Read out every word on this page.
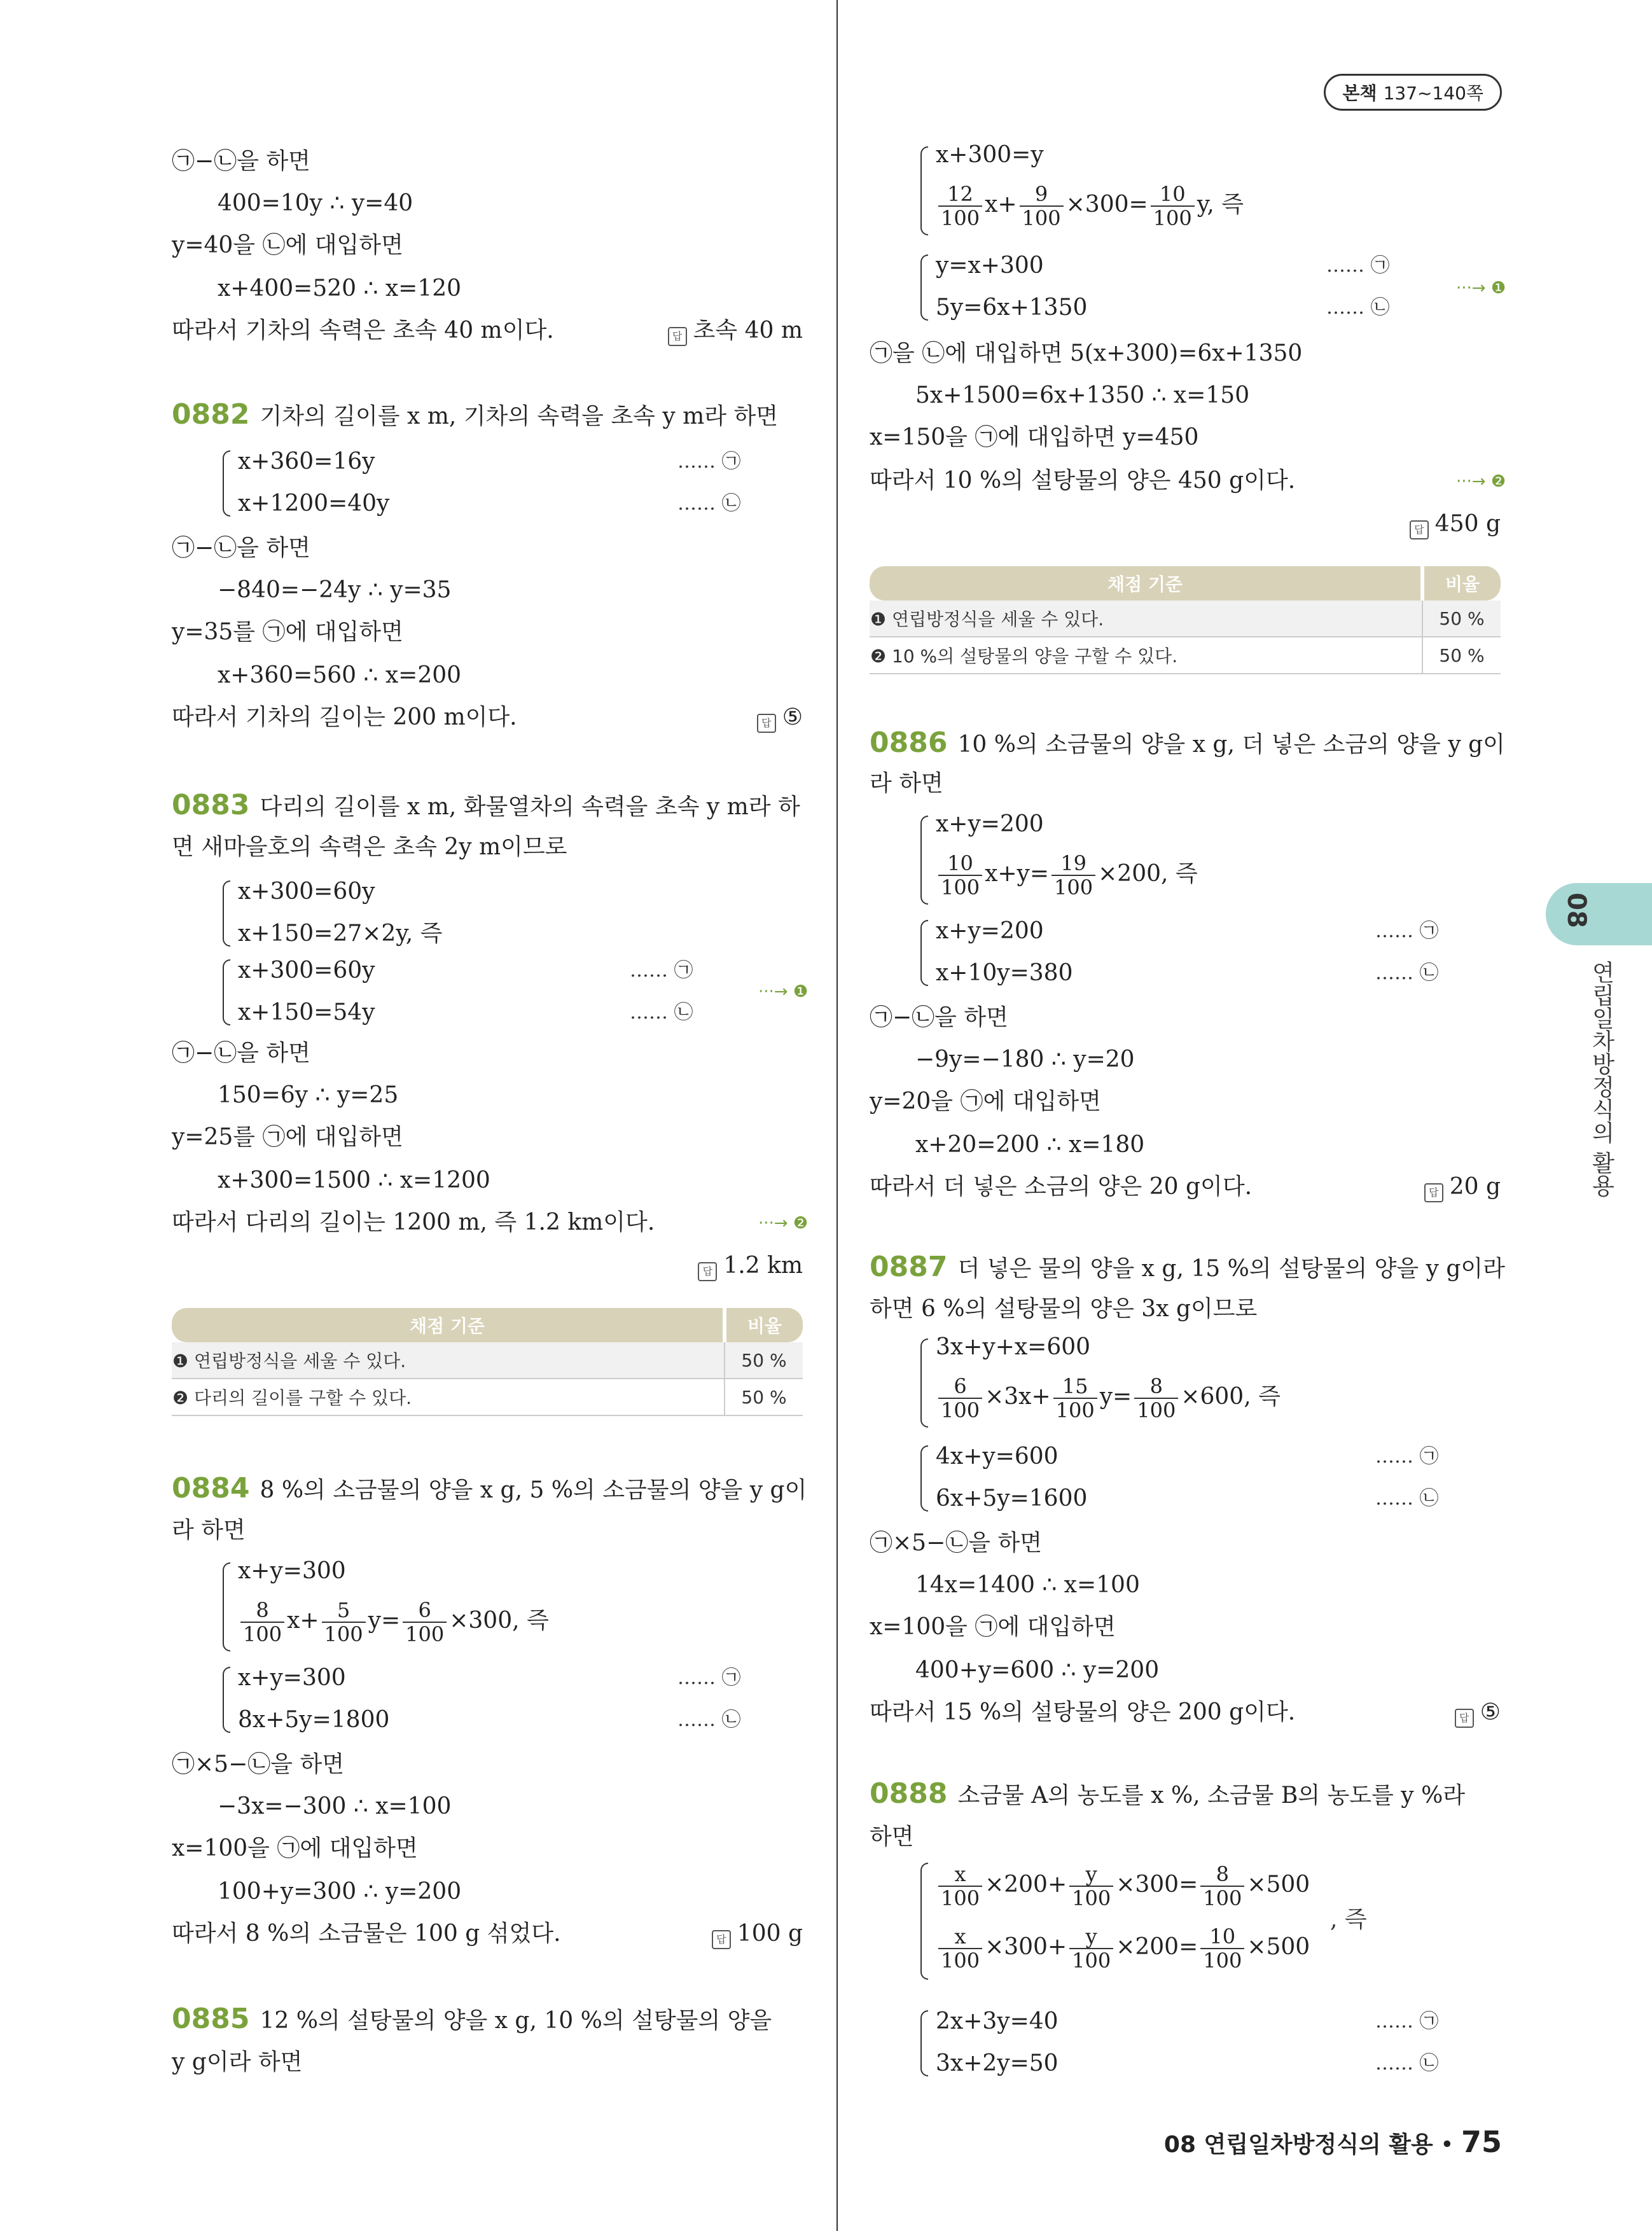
본책 137~140쪽
08
연립일차방정식의 활용
㉠−㉡을 하면
400=10y ∴ y=40
y=40을 ㉡에 대입하면
x+400=520 ∴ x=120
따라서 기차의 속력은 초속 40 m이다.	답 초속 40 m
0882 기차의 길이를 x m, 기차의 속력을 초속 y m라 하면
x+360=16y
x+1200=40y
…… ㉠
…… ㉡
㉠−㉡을 하면
−840=−24y ∴ y=35
y=35를 ㉠에 대입하면
x+360=560 ∴ x=200
따라서 기차의 길이는 200 m이다.	답 ⑤
0883 다리의 길이를 x m, 화물열차의 속력을 초속 y m라 하
면 새마을호의 속력은 초속 2y m이므로
x+300=60y
x+150=27×2y, 즉
x+300=60y
x+150=54y
…… ㉠
…… ㉡
···→ ❶
㉠−㉡을 하면
150=6y ∴ y=25
y=25를 ㉠에 대입하면
x+300=1500 ∴ x=1200
따라서 다리의 길이는 1200 m, 즉 1.2 km이다.	···→ ❷
답 1.2 km
채점 기준	비율
❶ 연립방정식을 세울 수 있다.	50 %
❷ 다리의 길이를 구할 수 있다.	50 %
0884 8 %의 소금물의 양을 x g, 5 %의 소금물의 양을 y g이
라 하면
x+y=300
$\frac{8}{100} x+ \frac{5}{100} y= \frac{6}{100} \times 300$, 즉
x+y=300
8x+5y=1800
…… ㉠
…… ㉡
㉠×5−㉡을 하면
−3x=−300 ∴ x=100
x=100을 ㉠에 대입하면
100+y=300 ∴ y=200
따라서 8 %의 소금물은 100 g 섞었다.	답 100 g
0885 12 %의 설탕물의 양을 x g, 10 %의 설탕물의 양을
y g이라 하면
x+300=y
$\frac{12}{100} x+ \frac{9}{100} \times 300= \frac{10}{100} y$, 즉
y=x+300
5y=6x+1350
…… ㉠
…… ㉡
···→ ❶
㉠을 ㉡에 대입하면 5(x+300)=6x+1350
5x+1500=6x+1350 ∴ x=150
x=150을 ㉠에 대입하면 y=450
따라서 10 %의 설탕물의 양은 450 g이다.	···→ ❷
답 450 g
채점 기준	비율
❶ 연립방정식을 세울 수 있다.	50 %
❷ 10 %의 설탕물의 양을 구할 수 있다.	50 %
0886 10 %의 소금물의 양을 x g, 더 넣은 소금의 양을 y g이
라 하면
x+y=200
$\frac{10}{100} x+y= \frac{19}{100} \times 200$, 즉
x+y=200
x+10y=380
…… ㉠
…… ㉡
㉠−㉡을 하면
−9y=−180 ∴ y=20
y=20을 ㉠에 대입하면
x+20=200 ∴ x=180
따라서 더 넣은 소금의 양은 20 g이다.	답 20 g
0887 더 넣은 물의 양을 x g, 15 %의 설탕물의 양을 y g이라
하면 6 %의 설탕물의 양은 3x g이므로
3x+y+x=600
$\frac{6}{100} \times 3x+ \frac{15}{100} y= \frac{8}{100} \times 600$, 즉
4x+y=600
6x+5y=1600
…… ㉠
…… ㉡
㉠×5−㉡을 하면
14x=1400 ∴ x=100
x=100을 ㉠에 대입하면
400+y=600 ∴ y=200
따라서 15 %의 설탕물의 양은 200 g이다.	답 ⑤
0888 소금물 A의 농도를 x %, 소금물 B의 농도를 y %라
하면
$\frac{x}{100} \times 200+ \frac{y}{100} \times 300= \frac{8}{100} \times 500$
$\frac{x}{100} \times 300+ \frac{y}{100} \times 200= \frac{10}{100} \times 500$
, 즉
2x+3y=40
3x+2y=50
…… ㉠
…… ㉡
08 연립일차방정식의 활용 • 75
